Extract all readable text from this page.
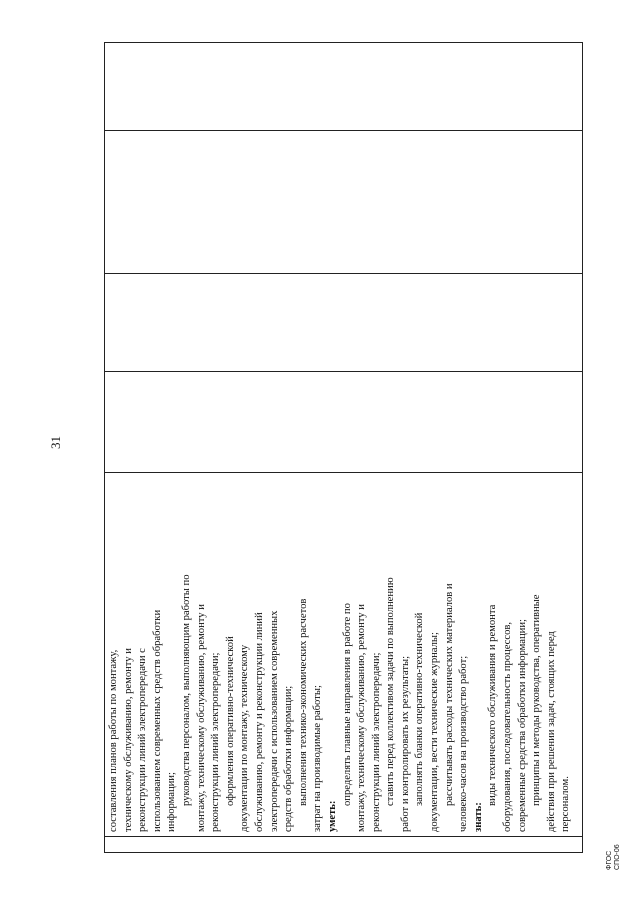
31

составления планов работы по монтажу, техническому обслуживанию, ремонту и реконструкции линий электропередачи с использованием современных средств обработки информации; руководства персоналом, выполняющим работы по монтажу, техническому обслуживанию, ремонту и реконструкции линий электропередачи; оформления оперативно-технической документации по монтажу, техническому обслуживанию, ремонту и реконструкции линий электропередачи с использованием современных средств обработки информации; выполнения технико-экономических расчетов затрат на производимые работы; уметь:

определять главные направления в работе по монтажу, техническому обслуживанию, ремонту и реконструкции линий электропередачи; ставить перед коллективом задачи по выполнению работ и контролировать их результаты; заполнять бланки оперативно-технической документации, вести технические журналы; рассчитывать расходы технических материалов и человеко-часов на производство работ; знать:

виды технического обслуживания и ремонта оборудования, последовательность процессов, современные средства обработки информации; принципы и методы руководства, оперативные действия при решении задач, стоящих перед персоналом.

ФГОС СПО-06
